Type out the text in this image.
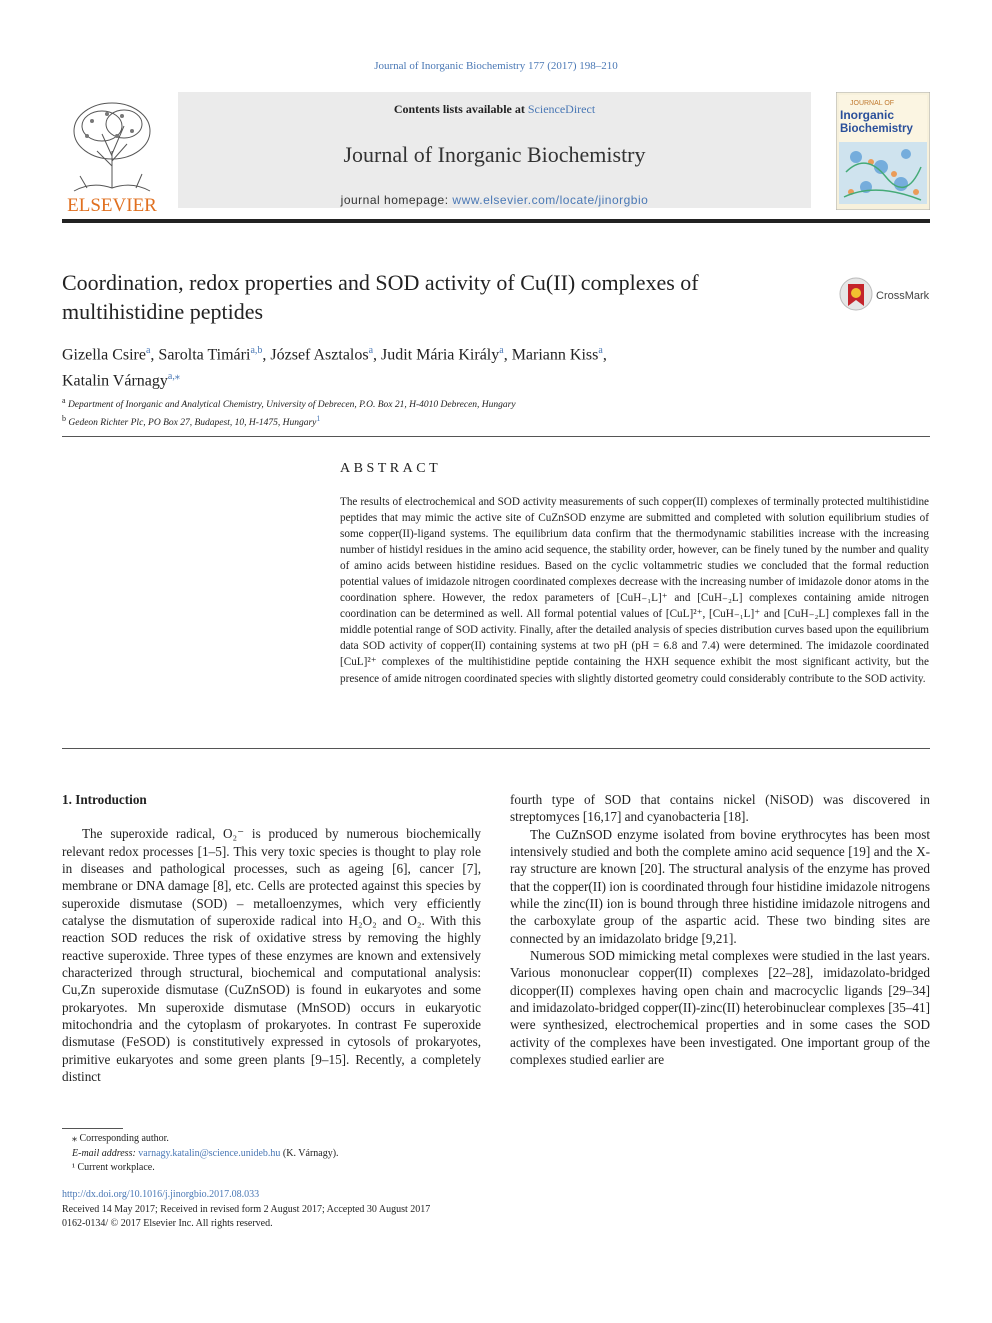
Journal of Inorganic Biochemistry 177 (2017) 198–210
ELSEVIER
Contents lists available at ScienceDirect
Journal of Inorganic Biochemistry
journal homepage: www.elsevier.com/locate/jinorgbio
JOURNAL OF
Inorganic
Biochemistry
Coordination, redox properties and SOD activity of Cu(II) complexes of multihistidine peptides
CrossMark
Gizella Csire$^a$, Sarolta Timári$^{a,b}$, József Asztalos$^a$, Judit Mária Király$^a$, Mariann Kiss$^a$,
Katalin Várnagy$^{a,⁎}$
$^a$ Department of Inorganic and Analytical Chemistry, University of Debrecen, P.O. Box 21, H-4010 Debrecen, Hungary
$^b$ Gedeon Richter Plc, PO Box 27, Budapest, 10, H-1475, Hungary$^1$
ABSTRACT
The results of electrochemical and SOD activity measurements of such copper(II) complexes of terminally protected multihistidine peptides that may mimic the active site of CuZnSOD enzyme are submitted and completed with solution equilibrium studies of some copper(II)-ligand systems. The equilibrium data confirm that the thermodynamic stabilities increase with the increasing number of histidyl residues in the amino acid sequence, the stability order, however, can be finely tuned by the number and quality of amino acids between histidine residues. Based on the cyclic voltammetric studies we concluded that the formal reduction potential values of imidazole nitrogen coordinated complexes decrease with the increasing number of imidazole donor atoms in the coordination sphere. However, the redox parameters of [CuH₋₁L]⁺ and [CuH₋₂L] complexes containing amide nitrogen coordination can be determined as well. All formal potential values of [CuL]²⁺, [CuH₋₁L]⁺ and [CuH₋₂L] complexes fall in the middle potential range of SOD activity. Finally, after the detailed analysis of species distribution curves based upon the equilibrium data SOD activity of copper(II) containing systems at two pH (pH = 6.8 and 7.4) were determined. The imidazole coordinated [CuL]²⁺ complexes of the multihistidine peptide containing the HXH sequence exhibit the most significant activity, but the presence of amide nitrogen coordinated species with slightly distorted geometry could considerably contribute to the SOD activity.

1. Introduction

The superoxide radical, O₂⁻ is produced by numerous biochemically relevant redox processes [1–5]. This very toxic species is thought to play role in diseases and pathological processes, such as ageing [6], cancer [7], membrane or DNA damage [8], etc. Cells are protected against this species by superoxide dismutase (SOD) – metalloenzymes, which very efficiently catalyse the dismutation of superoxide radical into H₂O₂ and O₂. With this reaction SOD reduces the risk of oxidative stress by removing the highly reactive superoxide. Three types of these enzymes are known and extensively characterized through structural, biochemical and computational analysis: Cu,Zn superoxide dismutase (CuZnSOD) is found in eukaryotes and some prokaryotes. Mn superoxide dismutase (MnSOD) occurs in eukaryotic mitochondria and the cytoplasm of prokaryotes. In contrast Fe superoxide dismutase (FeSOD) is constitutively expressed in cytosols of prokaryotes, primitive eukaryotes and some green plants [9–15]. Recently, a completely distinct

fourth type of SOD that contains nickel (NiSOD) was discovered in streptomyces [16,17] and cyanobacteria [18].

The CuZnSOD enzyme isolated from bovine erythrocytes has been most intensively studied and both the complete amino acid sequence [19] and the X-ray structure are known [20]. The structural analysis of the enzyme has proved that the copper(II) ion is coordinated through four histidine imidazole nitrogens while the zinc(II) ion is bound through three histidine imidazole nitrogens and the carboxylate group of the aspartic acid. These two binding sites are connected by an imidazolato bridge [9,21].

Numerous SOD mimicking metal complexes were studied in the last years. Various mononuclear copper(II) complexes [22–28], imidazolato-bridged dicopper(II) complexes having open chain and macrocyclic ligands [29–34] and imidazolato-bridged copper(II)-zinc(II) heterobinuclear complexes [35–41] were synthesized, electrochemical properties and in some cases the SOD activity of the complexes have been investigated. One important group of the complexes studied earlier are

⁎ Corresponding author.
E-mail address: varnagy.katalin@science.unideb.hu (K. Várnagy).
¹ Current workplace.
http://dx.doi.org/10.1016/j.jinorgbio.2017.08.033
Received 14 May 2017; Received in revised form 2 August 2017; Accepted 30 August 2017
0162-0134/ © 2017 Elsevier Inc. All rights reserved.
